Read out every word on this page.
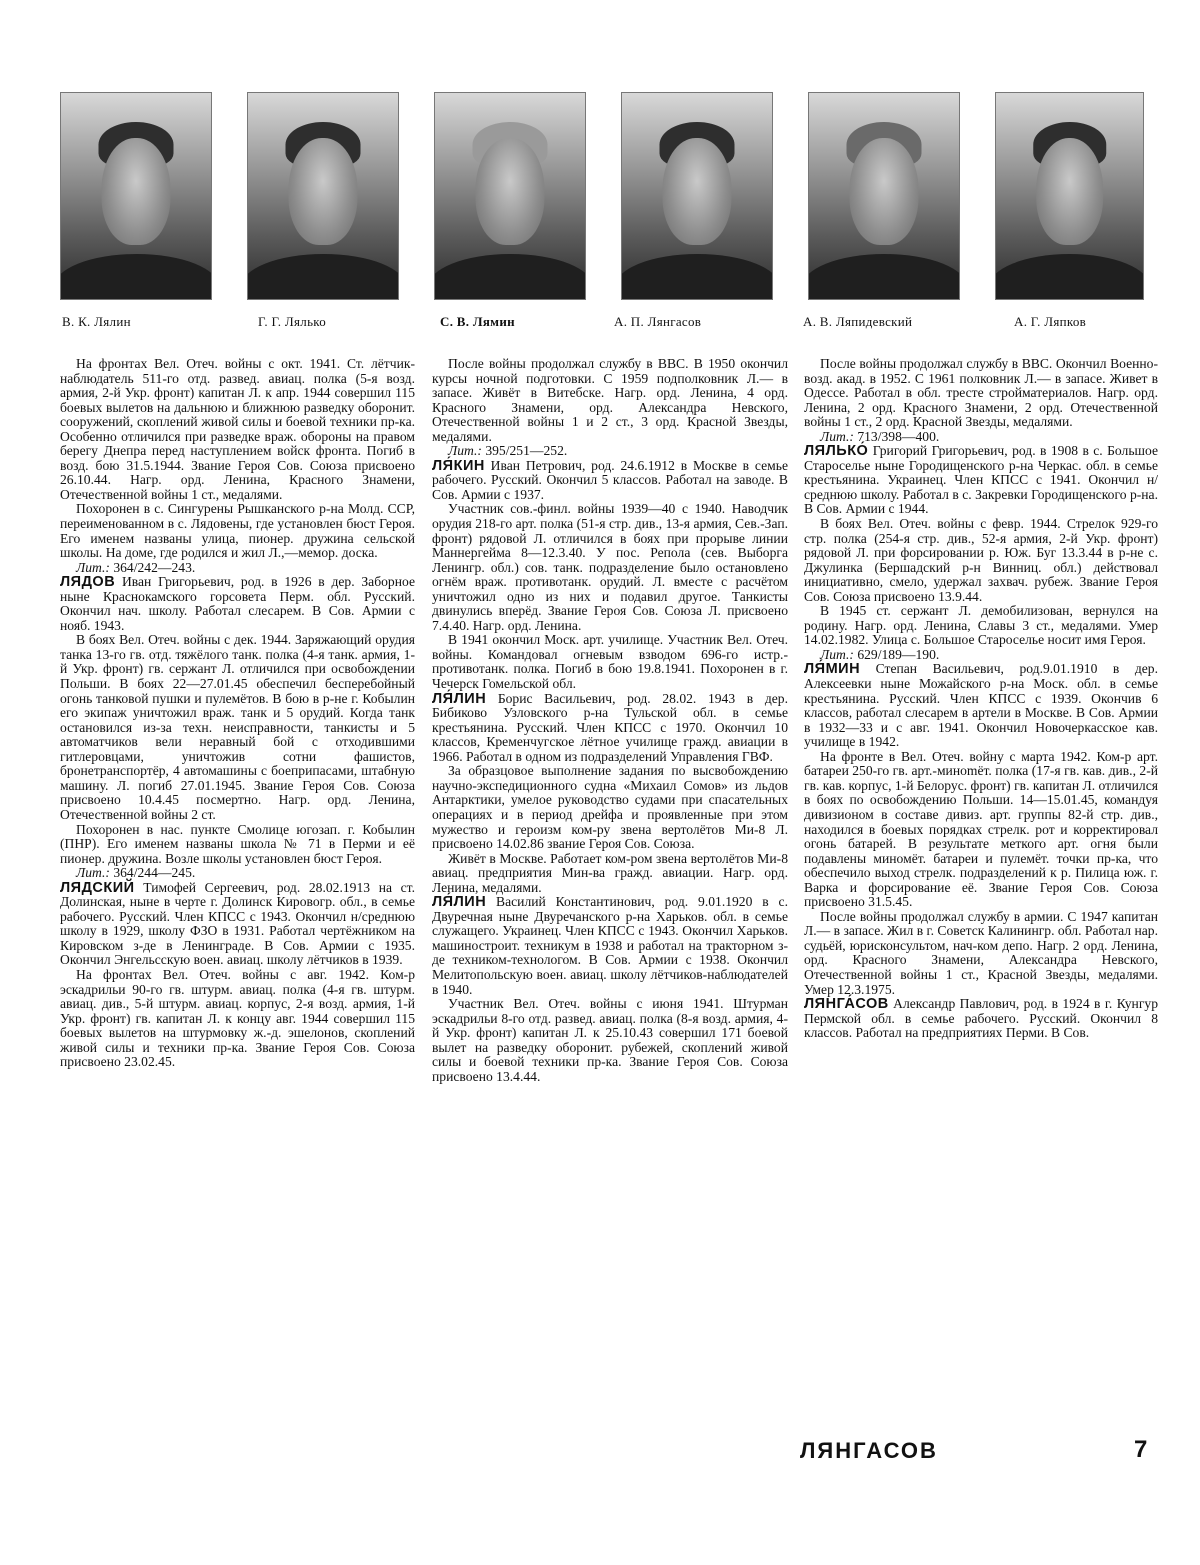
В. К. Лялин	Г. Г. Лялько	С. В. Лямин	А. П. Лянгасов	А. В. Ляпидевский	А. Г. Ляпков

На фронтах Вел. Отеч. войны с окт. 1941. Ст. лётчик-наблюдатель 511-го отд. развед. авиац. полка (5-я возд. армия, 2-й Укр. фронт) капитан Л. к апр. 1944 совершил 115 боевых вылетов на дальнюю и ближнюю разведку оборонит. сооружений, скоплений живой силы и боевой техники пр-ка. Особенно отличился при разведке враж. обороны на правом берегу Днепра перед наступлением войск фронта. Погиб в возд. бою 31.5.1944. Звание Героя Сов. Союза присвоено 26.10.44. Нагр. орд. Ленина, Красного Знамени, Отечественной войны 1 ст., медалями.

Похоронен в с. Сингурены Рышканского р-на Молд. ССР, переименованном в с. Лядовены, где установлен бюст Героя. Его именем названы улица, пионер. дружина сельской школы. На доме, где родился и жил Л.,—мемор. доска.

Лит.: 364/242—243.

ЛЯДОВ Иван Григорьевич, род. в 1926 в дер. Заборное ныне Краснокамского горсовета Перм. обл. Русский. Окончил нач. школу. Работал слесарем. В Сов. Армии с нояб. 1943.

В боях Вел. Отеч. войны с дек. 1944. Заряжающий орудия танка 13-го гв. отд. тяжёлого танк. полка (4-я танк. армия, 1-й Укр. фронт) гв. сержант Л. отличился при освобождении Польши. В боях 22—27.01.45 обеспечил бесперебойный огонь танковой пушки и пулемётов. В бою в р-не г. Кобылин его экипаж уничтожил враж. танк и 5 орудий. Когда танк остановился из-за техн. неисправности, танкисты и 5 автоматчиков вели неравный бой с отходившими гитлеровцами, уничтожив сотни фашистов, бронетранспортёр, 4 автомашины с боеприпасами, штабную машину. Л. погиб 27.01.1945. Звание Героя Сов. Союза присвоено 10.4.45 посмертно. Нагр. орд. Ленина, Отечественной войны 2 ст.

Похоронен в нас. пункте Смолице югозап. г. Кобылин (ПНР). Его именем названы школа № 71 в Перми и её пионер. дружина. Возле школы установлен бюст Героя.

Лит.: 364/244—245.

ЛЯДСКИЙ Тимофей Сергеевич, род. 28.02.1913 на ст. Долинская, ныне в черте г. Долинск Кировогр. обл., в семье рабочего. Русский. Член КПСС с 1943. Окончил н/среднюю школу в 1929, школу ФЗО в 1931. Работал чертёжником на Кировском з-де в Ленинграде. В Сов. Армии с 1935. Окончил Энгельсскую воен. авиац. школу лётчиков в 1939.

На фронтах Вел. Отеч. войны с авг. 1942. Ком-р эскадрильи 90-го гв. штурм. авиац. полка (4-я гв. штурм. авиац. див., 5-й штурм. авиац. корпус, 2-я возд. армия, 1-й Укр. фронт) гв. капитан Л. к концу авг. 1944 совершил 115 боевых вылетов на штурмовку ж.-д. эшелонов, скоплений живой силы и техники пр-ка. Звание Героя Сов. Союза присвоено 23.02.45.

После войны продолжал службу в ВВС. В 1950 окончил курсы ночной подготовки. С 1959 подполковник Л.— в запасе. Живёт в Витебске. Нагр. орд. Ленина, 4 орд. Красного Знамени, орд. Александра Невского, Отечественной войны 1 и 2 ст., 3 орд. Красной Звезды, медалями.

Лит.: 395/251—252.

ЛЯ́КИН Иван Петрович, род. 24.6.1912 в Москве в семье рабочего. Русский. Окончил 5 классов. Работал на заводе. В Сов. Армии с 1937.

Участник сов.-финл. войны 1939—40 с 1940. Наводчик орудия 218-го арт. полка (51-я стр. див., 13-я армия, Сев.-Зап. фронт) рядовой Л. отличился в боях при прорыве линии Маннергейма 8—12.3.40. У пос. Репола (сев. Выборга Ленингр. обл.) сов. танк. подразделение было остановлено огнём враж. противотанк. орудий. Л. вместе с расчётом уничтожил одно из них и подавил другое. Танкисты двинулись вперёд. Звание Героя Сов. Союза Л. присвоено 7.4.40. Нагр. орд. Ленина.

В 1941 окончил Моск. арт. училище. Участник Вел. Отеч. войны. Командовал огневым взводом 696-го истр.-противотанк. полка. Погиб в бою 19.8.1941. Похоронен в г. Чечерск Гомельской обл.

ЛЯ́ЛИН Борис Васильевич, род. 28.02. 1943 в дер. Бибиково Узловского р-на Тульской обл. в семье крестьянина. Русский. Член КПСС с 1970. Окончил 10 классов, Кременчугское лётное училище гражд. авиации в 1966. Работал в одном из подразделений Управления ГВФ.

За образцовое выполнение задания по высвобождению научно-экспедиционного судна «Михаил Сомов» из льдов Антарктики, умелое руководство судами при спасательных операциях и в период дрейфа и проявленные при этом мужество и героизм ком-ру звена вертолётов Ми-8 Л. присвоено 14.02.86 звание Героя Сов. Союза.

Живёт в Москве. Работает ком-ром звена вертолётов Ми-8 авиац. предприятия Мин-ва гражд. авиации. Нагр. орд. Ленина, медалями.

ЛЯ́ЛИН Василий Константинович, род. 9.01.1920 в с. Двуречная ныне Двуречанского р-на Харьков. обл. в семье служащего. Украинец. Член КПСС с 1943. Окончил Харьков. машиностроит. техникум в 1938 и работал на тракторном з-де техником-технологом. В Сов. Армии с 1938. Окончил Мелитопольскую воен. авиац. школу лётчиков-наблюдателей в 1940.

Участник Вел. Отеч. войны с июня 1941. Штурман эскадрильи 8-го отд. развед. авиац. полка (8-я возд. армия, 4-й Укр. фронт) капитан Л. к 25.10.43 совершил 171 боевой вылет на разведку оборонит. рубежей, скоплений живой силы и боевой техники пр-ка. Звание Героя Сов. Союза присвоено 13.4.44.

После войны продолжал службу в ВВС. Окончил Военно-возд. акад. в 1952. С 1961 полковник Л.— в запасе. Живет в Одессе. Работал в обл. тресте стройматериалов. Нагр. орд. Ленина, 2 орд. Красного Знамени, 2 орд. Отечественной войны 1 ст., 2 орд. Красной Звезды, медалями.

Лит.: 713/398—400.

ЛЯЛЬКО́ Григорий Григорьевич, род. в 1908 в с. Большое Староселье ныне Городищенского р-на Черкас. обл. в семье крестьянина. Украинец. Член КПСС с 1941. Окончил н/среднюю школу. Работал в с. Закревки Городищенского р-на. В Сов. Армии с 1944.

В боях Вел. Отеч. войны с февр. 1944. Стрелок 929-го стр. полка (254-я стр. див., 52-я армия, 2-й Укр. фронт) рядовой Л. при форсировании р. Юж. Буг 13.3.44 в р-не с. Джулинка (Бершадский р-н Винниц. обл.) действовал инициативно, смело, удержал захвач. рубеж. Звание Героя Сов. Союза присвоено 13.9.44.

В 1945 ст. сержант Л. демобилизован, вернулся на родину. Нагр. орд. Ленина, Славы 3 ст., медалями. Умер 14.02.1982. Улица с. Большое Староселье носит имя Героя.

Лит.: 629/189—190.

ЛЯ́МИН Степан Васильевич, род.9.01.1910 в дер. Алексеевки ныне Можайского р-на Моск. обл. в семье крестьянина. Русский. Член КПСС с 1939. Окончив 6 классов, работал слесарем в артели в Москве. В Сов. Армии в 1932—33 и с авг. 1941. Окончил Новочеркасское кав. училище в 1942.

На фронте в Вел. Отеч. войну с марта 1942. Ком-р арт. батареи 250-го гв. арт.-минomёт. полка (17-я гв. кав. див., 2-й гв. кав. корпус, 1-й Белорус. фронт) гв. капитан Л. отличился в боях по освобождению Польши. 14—15.01.45, командуя дивизионом в составе дивиз. арт. группы 82-й стр. див., находился в боевых порядках стрелк. рот и корректировал огонь батарей. В результате меткого арт. огня были подавлены миномёт. батареи и пулемёт. точки пр-ка, что обеспечило выход стрелк. подразделений к р. Пилица юж. г. Варка и форсирование её. Звание Героя Сов. Союза присвоено 31.5.45.

После войны продолжал службу в армии. С 1947 капитан Л.— в запасе. Жил в г. Советск Калинингр. обл. Работал нар. судьёй, юрисконсультом, нач-ком депо. Нагр. 2 орд. Ленина, орд. Красного Знамени, Александра Невского, Отечественной войны 1 ст., Красной Звезды, медалями. Умер 12.3.1975.

ЛЯНГА́СОВ Александр Павлович, род. в 1924 в г. Кунгур Пермской обл. в семье рабочего. Русский. Окончил 8 классов. Работал на предприятиях Перми. В Сов.

ЛЯНГАСОВ	7
